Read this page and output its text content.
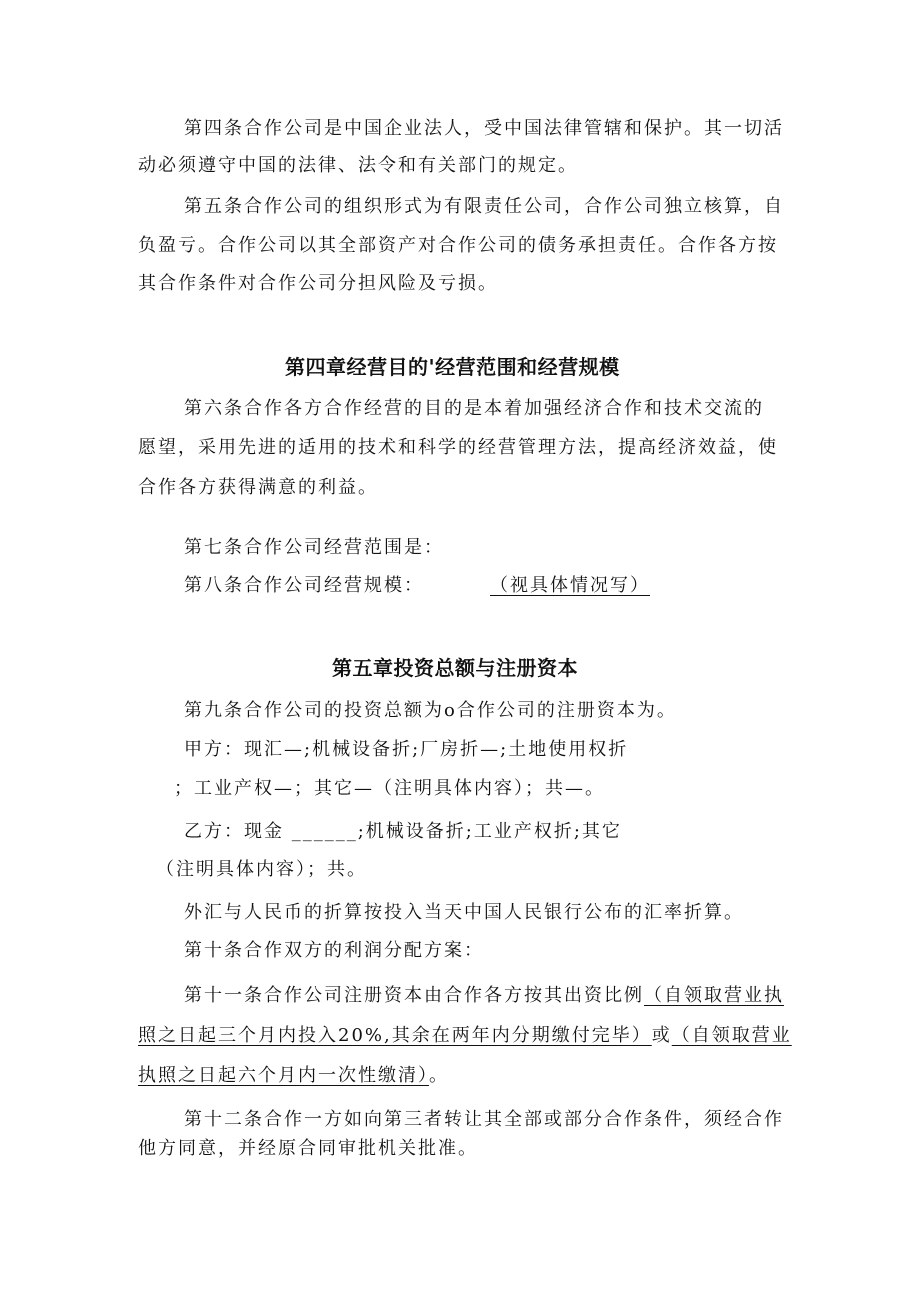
第四条合作公司是中国企业法人，受中国法律管辖和保护。其一切活

动必须遵守中国的法律、法令和有关部门的规定。

第五条合作公司的组织形式为有限责任公司，合作公司独立核算，自

负盈亏。合作公司以其全部资产对合作公司的债务承担责任。合作各方按

其合作条件对合作公司分担风险及亏损。

第四章经营目的'经营范围和经营规模

第六条合作各方合作经营的目的是本着加强经济合作和技术交流的

愿望，采用先进的适用的技术和科学的经营管理方法，提高经济效益，使

合作各方获得满意的利益。

第七条合作公司经营范围是：

第八条合作公司经营规模：	（视具体情况写）

第五章投资总额与注册资本

第九条合作公司的投资总额为o合作公司的注册资本为。

甲方：现汇—;机械设备折;厂房折—;土地使用权折

；工业产权—；其它—（注明具体内容）；共—。

乙方：现金 ______;机械设备折;工业产权折;其它

（注明具体内容）；共。

外汇与人民币的折算按投入当天中国人民银行公布的汇率折算。

第十条合作双方的利润分配方案：

第十一条合作公司注册资本由合作各方按其出资比例（自领取营业执

照之日起三个月内投入20%,其余在两年内分期缴付完毕）或（自领取营业

执照之日起六个月内一次性缴清）。

第十二条合作一方如向第三者转让其全部或部分合作条件，须经合作

他方同意，并经原合同审批机关批准。
